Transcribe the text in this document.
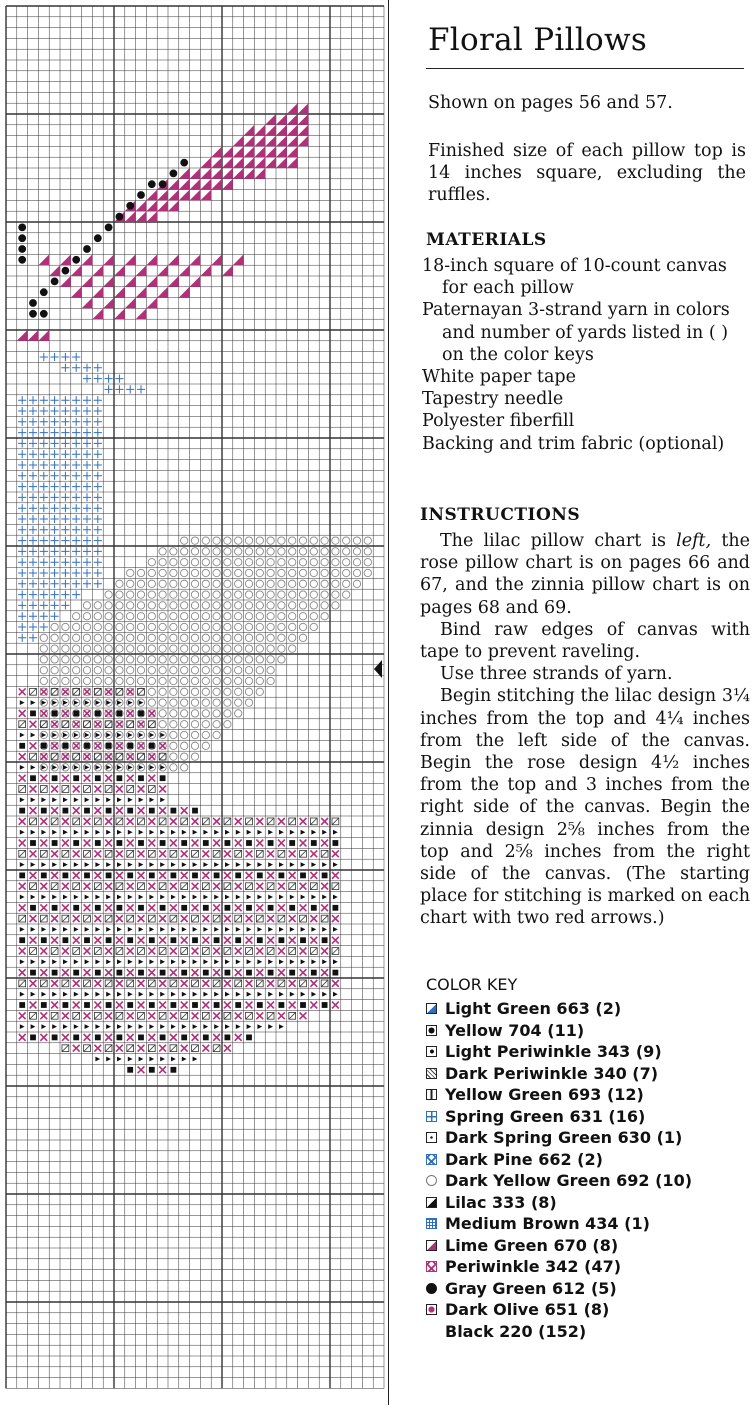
Floral Pillows
Shown on pages 56 and 57.
Finished size of each pillow top is 14 inches square, excluding the ruffles.
MATERIALS
18-inch square of 10-count canvas for each pillow
Paternayan 3-strand yarn in colors and number of yards listed in ( ) on the color keys
White paper tape
Tapestry needle
Polyester fiberfill
Backing and trim fabric (optional)
INSTRUCTIONS

The lilac pillow chart is left, the rose pillow chart is on pages 66 and 67, and the zinnia pillow chart is on pages 68 and 69.

Bind raw edges of canvas with tape to prevent raveling.

Use three strands of yarn.

Begin stitching the lilac design 3¼ inches from the top and 4¼ inches from the left side of the canvas. Begin the rose design 4½ inches from the top and 3 inches from the right side of the canvas. Begin the zinnia design 2⅝ inches from the top and 2⅝ inches from the right side of the canvas. (The starting place for stitching is marked on each chart with two red arrows.)

COLOR KEY
Light Green 663 (2)
Yellow 704 (11)
Light Periwinkle 343 (9)
Dark Periwinkle 340 (7)
Yellow Green 693 (12)
Spring Green 631 (16)
Dark Spring Green 630 (1)
Dark Pine 662 (2)
Dark Yellow Green 692 (10)
Lilac 333 (8)
Medium Brown 434 (1)
Lime Green 670 (8)
Periwinkle 342 (47)
Gray Green 612 (5)
Dark Olive 651 (8)
Black 220 (152)
